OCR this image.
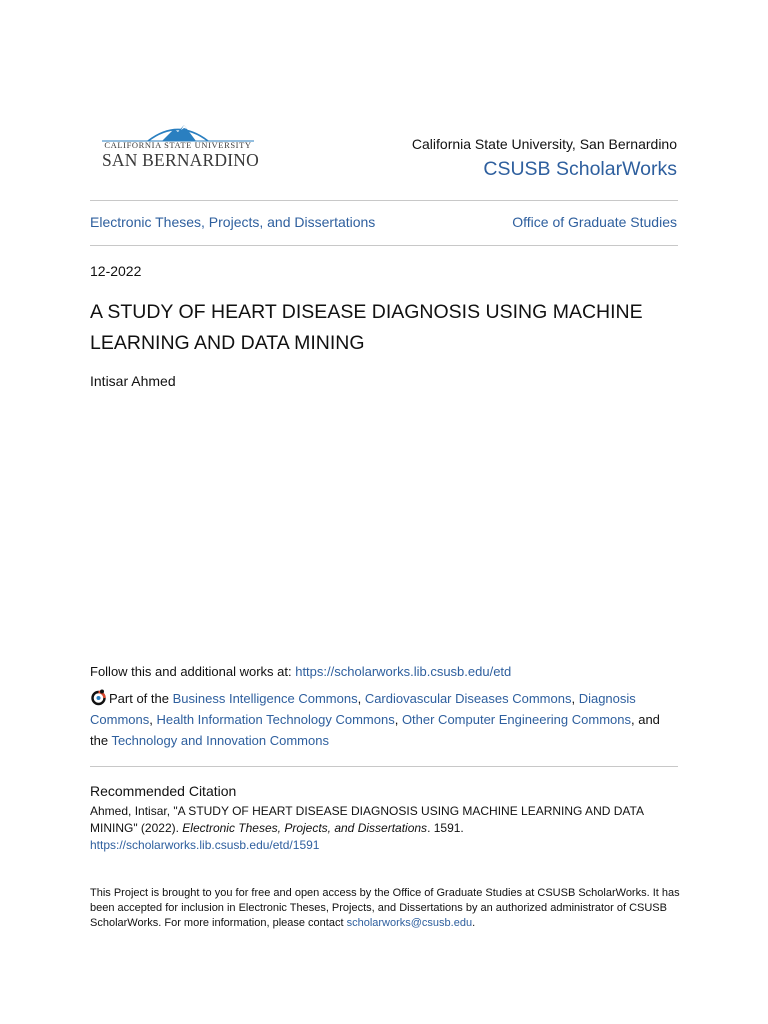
CALIFORNIA STATE UNIVERSITY
SAN BERNARDINO
California State University, San Bernardino
CSUSB ScholarWorks
Electronic Theses, Projects, and Dissertations	Office of Graduate Studies
12-2022
A STUDY OF HEART DISEASE DIAGNOSIS USING MACHINE LEARNING AND DATA MINING
Intisar Ahmed
Follow this and additional works at: https://scholarworks.lib.csusb.edu/etd
Part of the Business Intelligence Commons, Cardiovascular Diseases Commons, Diagnosis Commons, Health Information Technology Commons, Other Computer Engineering Commons, and the Technology and Innovation Commons
Recommended Citation
Ahmed, Intisar, "A STUDY OF HEART DISEASE DIAGNOSIS USING MACHINE LEARNING AND DATA MINING" (2022). Electronic Theses, Projects, and Dissertations. 1591.
https://scholarworks.lib.csusb.edu/etd/1591
This Project is brought to you for free and open access by the Office of Graduate Studies at CSUSB ScholarWorks. It has been accepted for inclusion in Electronic Theses, Projects, and Dissertations by an authorized administrator of CSUSB ScholarWorks. For more information, please contact scholarworks@csusb.edu.
